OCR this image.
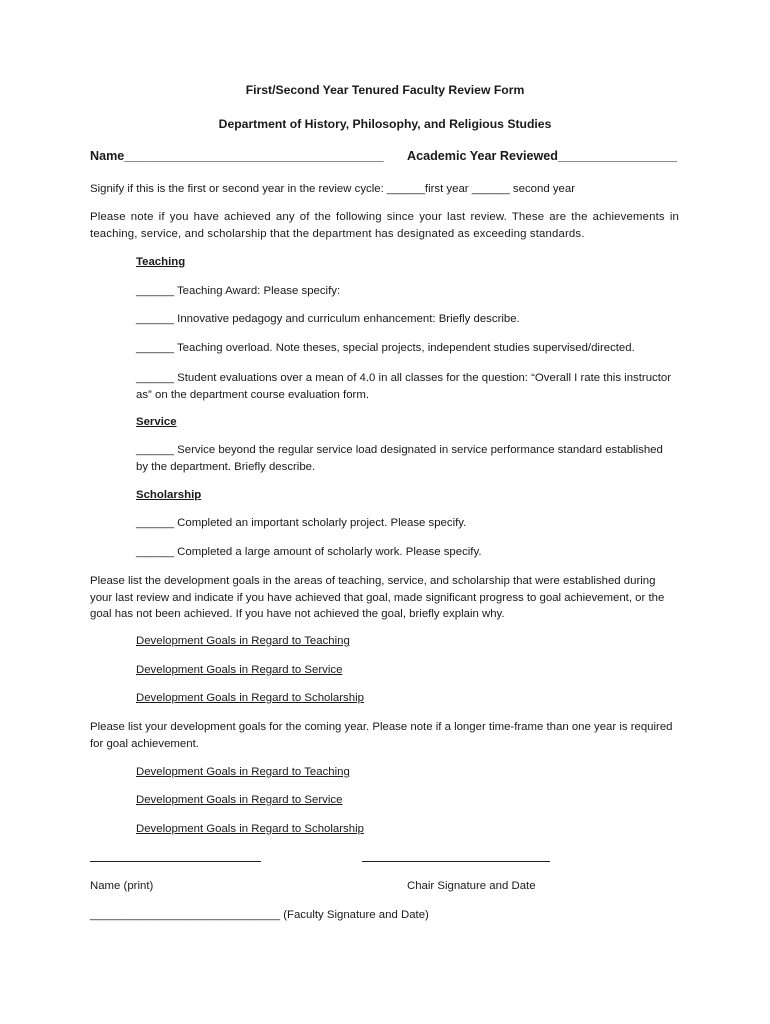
First/Second Year Tenured Faculty Review Form
Department of History, Philosophy, and Religious Studies
Name_____________________________________ Academic Year Reviewed_________________
Signify if this is the first or second year in the review cycle: ______first year ______ second year
Please note if you have achieved any of the following since your last review. These are the achievements in teaching, service, and scholarship that the department has designated as exceeding standards.
Teaching
______ Teaching Award: Please specify:
______ Innovative pedagogy and curriculum enhancement: Briefly describe.
______ Teaching overload. Note theses, special projects, independent studies supervised/directed.
______ Student evaluations over a mean of 4.0 in all classes for the question: “Overall I rate this instructor as” on the department course evaluation form.
Service
______ Service beyond the regular service load designated in service performance standard established by the department. Briefly describe.
Scholarship
______ Completed an important scholarly project. Please specify.
______ Completed a large amount of scholarly work. Please specify.
Please list the development goals in the areas of teaching, service, and scholarship that were established during your last review and indicate if you have achieved that goal, made significant progress to goal achievement, or the goal has not been achieved. If you have not achieved the goal, briefly explain why.
Development Goals in Regard to Teaching
Development Goals in Regard to Service
Development Goals in Regard to Scholarship
Please list your development goals for the coming year. Please note if a longer time-frame than one year is required for goal achievement.
Development Goals in Regard to Teaching
Development Goals in Regard to Service
Development Goals in Regard to Scholarship
Name (print)	Chair Signature and Date
______________________________ (Faculty Signature and Date)
